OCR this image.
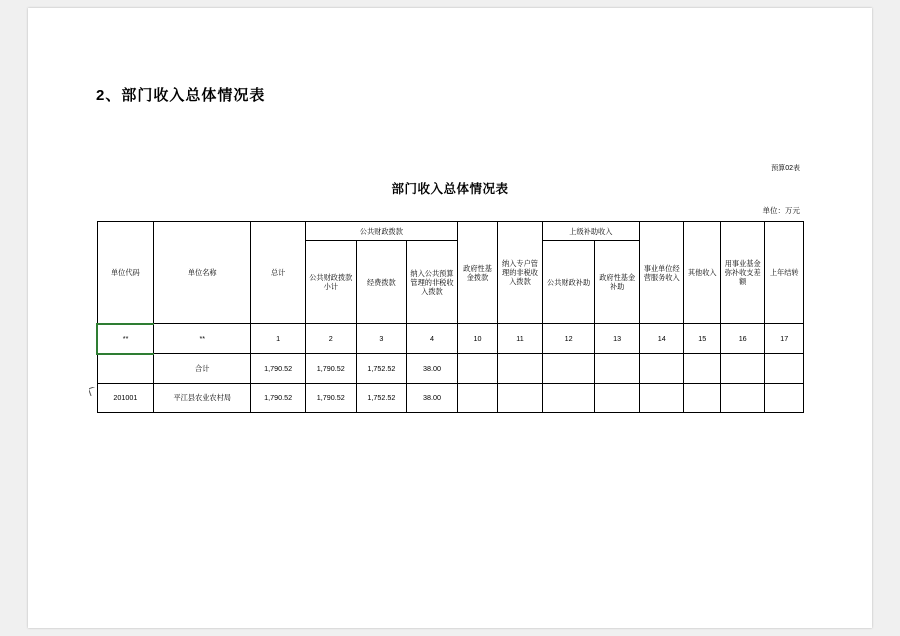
2、部门收入总体情况表
预算02表
部门收入总体情况表
单位：万元
单位代码	单位名称	总计	公共财政拨款			政府性基金拨款	纳入专户管理的非税收入拨款	上级补助收入		事业单位经营服务收入	其他收入	用事业基金弥补收支差额	上年结转
			公共财政拨款小计	经费拨款	纳入公共预算管理的非税收入拨款			公共财政补助	政府性基金补助				

**	**	1	2	3	4	10	11	12	13	14	15	16	17
	合计	1,790.52	1,790.52	1,752.52	38.00								
201001	平江县农业农村局	1,790.52	1,790.52	1,752.52	38.00								
